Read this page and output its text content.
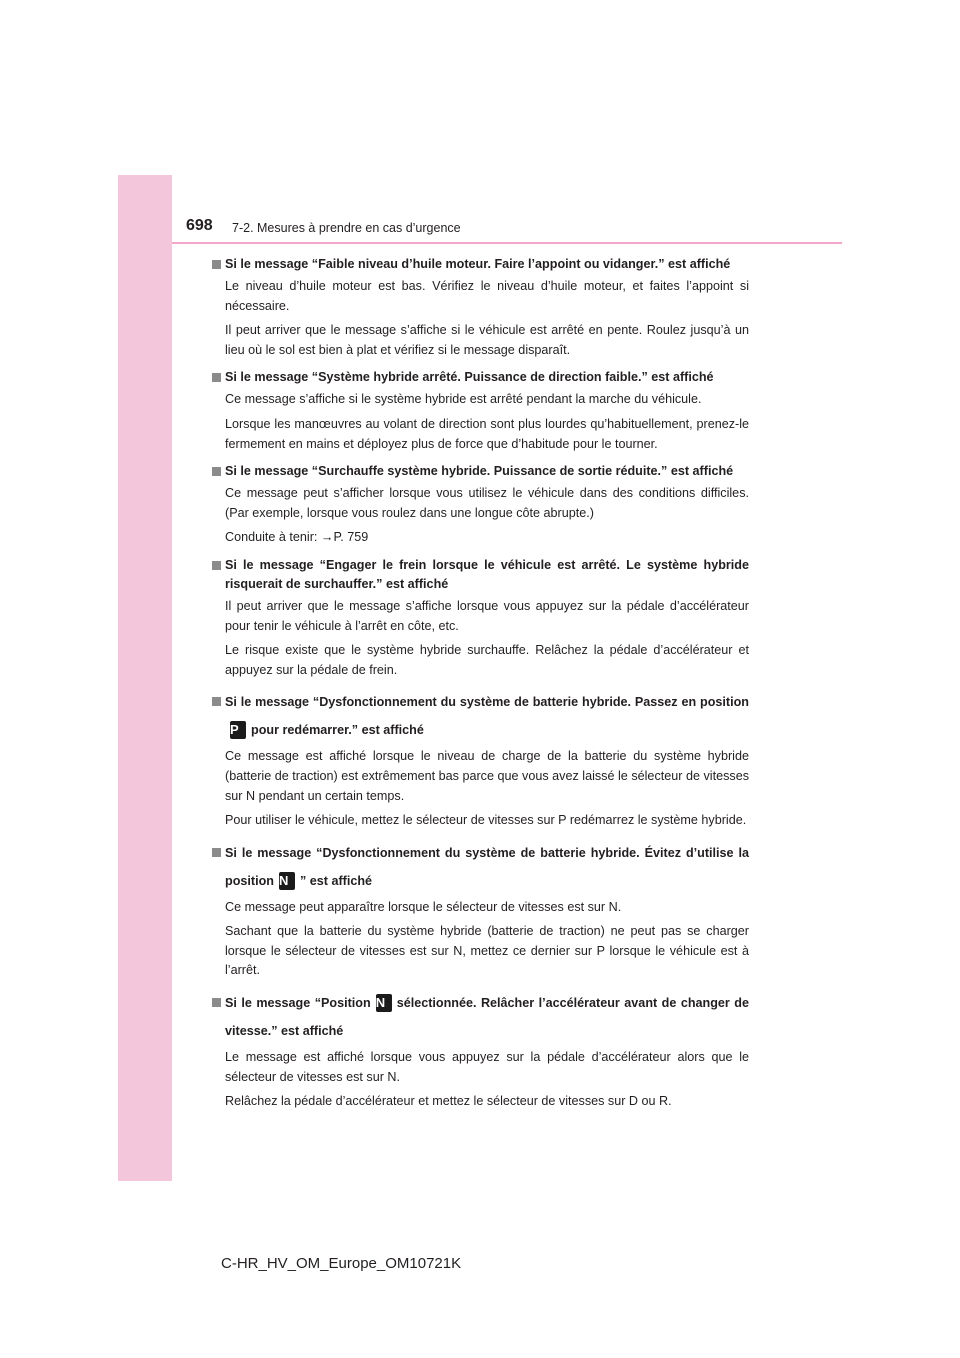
698 7-2. Mesures à prendre en cas d’urgence
Si le message “Faible niveau d’huile moteur. Faire l’appoint ou vidanger.” est affiché

Le niveau d’huile moteur est bas. Vérifiez le niveau d’huile moteur, et faites l’appoint si nécessaire.

Il peut arriver que le message s’affiche si le véhicule est arrêté en pente. Roulez jusqu’à un lieu où le sol est bien à plat et vérifiez si le message disparaît.

Si le message “Système hybride arrêté. Puissance de direction faible.” est affiché

Ce message s’affiche si le système hybride est arrêté pendant la marche du véhicule.

Lorsque les manœuvres au volant de direction sont plus lourdes qu’habituellement, prenez-le fermement en mains et déployez plus de force que d’habitude pour le tourner.

Si le message “Surchauffe système hybride. Puissance de sortie réduite.” est affiché

Ce message peut s’afficher lorsque vous utilisez le véhicule dans des conditions difficiles. (Par exemple, lorsque vous roulez dans une longue côte abrupte.)

Conduite à tenir: →P. 759

Si le message “Engager le frein lorsque le véhicule est arrêté. Le système hybride risquerait de surchauffer.” est affiché

Il peut arriver que le message s’affiche lorsque vous appuyez sur la pédale d’accélérateur pour tenir le véhicule à l’arrêt en côte, etc.

Le risque existe que le système hybride surchauffe. Relâchez la pédale d’accélérateur et appuyez sur la pédale de frein.

Si le message “Dysfonctionnement du système de batterie hybride. Passez en positionP pour redémarrer.” est affiché

Ce message est affiché lorsque le niveau de charge de la batterie du système hybride (batterie de traction) est extrêmement bas parce que vous avez laissé le sélecteur de vitesses sur N pendant un certain temps.

Pour utiliser le véhicule, mettez le sélecteur de vitesses sur P redémarrez le système hybride.

Si le message “Dysfonctionnement du système de batterie hybride. Évitez d’utilise la position N ” est affiché

Ce message peut apparaître lorsque le sélecteur de vitesses est sur N.

Sachant que la batterie du système hybride (batterie de traction) ne peut pas se charger lorsque le sélecteur de vitesses est sur N, mettez ce dernier sur P lorsque le véhicule est à l’arrêt.

Si le message “Position N sélectionnée. Relâcher l’accélérateur avant de changer de vitesse.” est affiché

Le message est affiché lorsque vous appuyez sur la pédale d’accélérateur alors que le sélecteur de vitesses est sur N.

Relâchez la pédale d’accélérateur et mettez le sélecteur de vitesses sur D ou R.

C-HR_HV_OM_Europe_OM10721K
